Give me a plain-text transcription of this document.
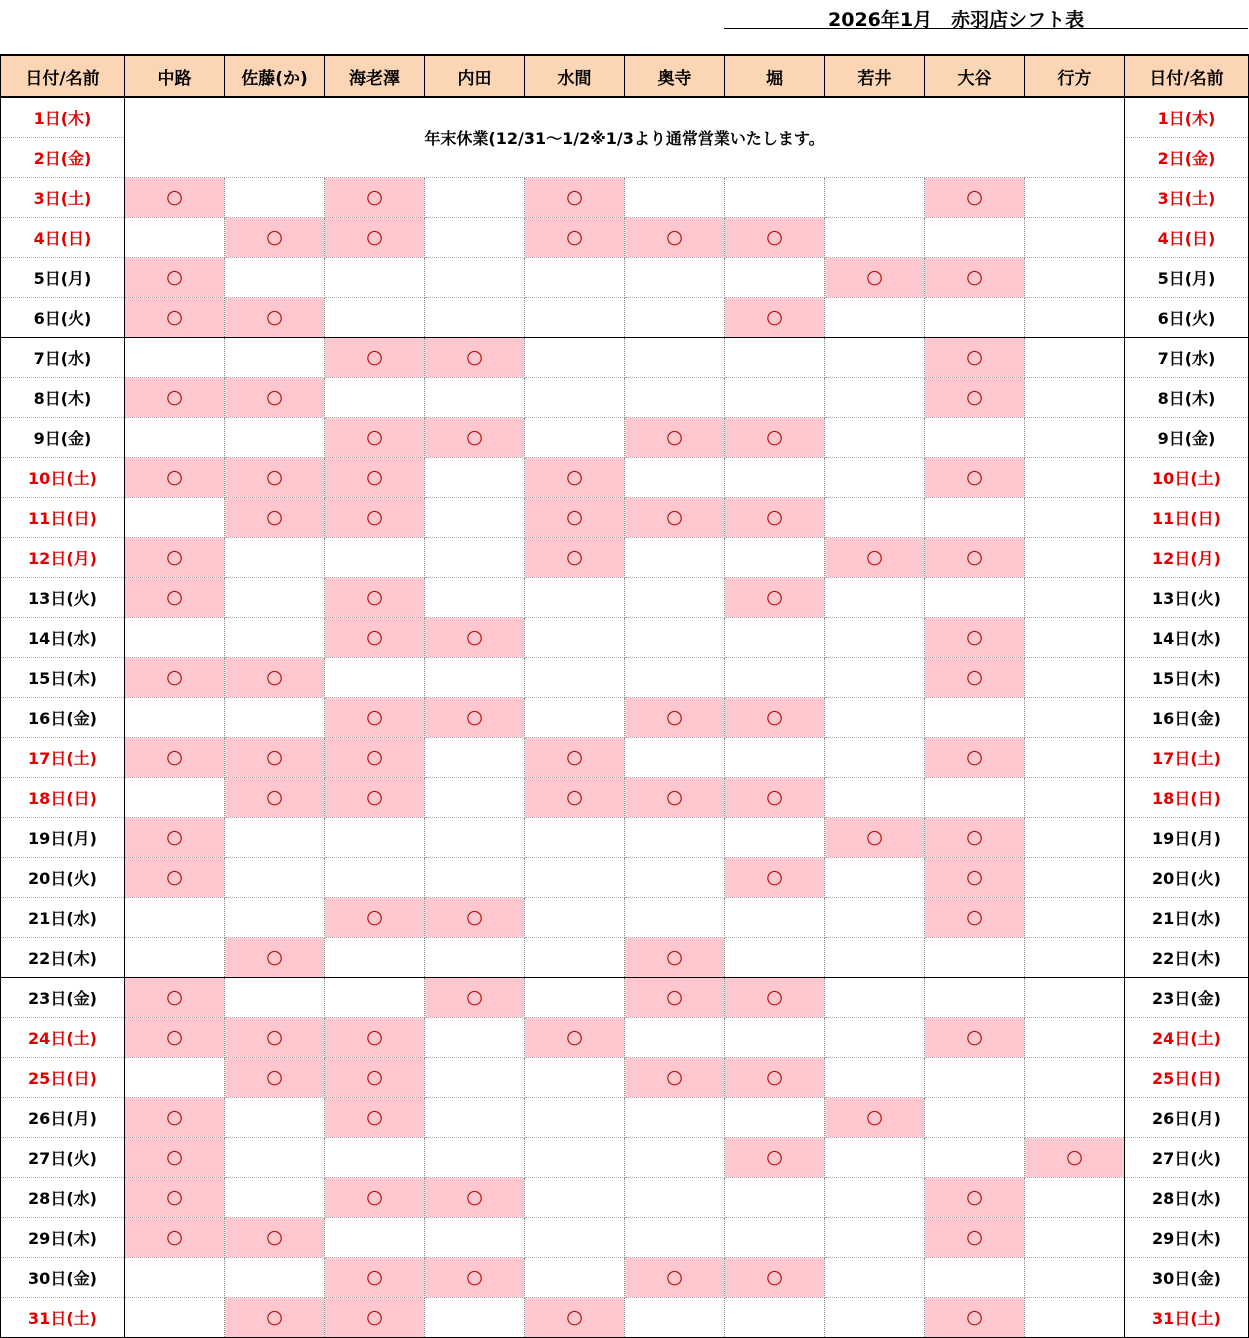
2026年1月　赤羽店シフト表
日付/名前	中路	佐藤(か)	海老澤	内田	水間	奥寺	堀	若井	大谷	行方	日付/名前
1日(木)	年末休業(12/31～1/2※1/3より通常営業いたします。										1日(木)
2日(金)											2日(金)
3日(土)	○		○		○				○		3日(土)
4日(日)		○	○		○	○	○				4日(日)
5日(月)	○							○	○		5日(月)
6日(火)	○	○					○				6日(火)
7日(水)			○	○					○		7日(水)
8日(木)	○	○							○		8日(木)
9日(金)			○	○		○	○				9日(金)
10日(土)	○	○	○		○				○		10日(土)
11日(日)		○	○		○	○	○				11日(日)
12日(月)	○				○			○	○		12日(月)
13日(火)	○		○				○				13日(火)
14日(水)			○	○					○		14日(水)
15日(木)	○	○							○		15日(木)
16日(金)			○	○		○	○				16日(金)
17日(土)	○	○	○		○				○		17日(土)
18日(日)		○	○		○	○	○				18日(日)
19日(月)	○							○	○		19日(月)
20日(火)	○						○		○		20日(火)
21日(水)			○	○					○		21日(水)
22日(木)		○				○					22日(木)
23日(金)	○			○		○	○				23日(金)
24日(土)	○	○	○		○				○		24日(土)
25日(日)		○	○			○	○				25日(日)
26日(月)	○		○					○			26日(月)
27日(火)	○						○			○	27日(火)
28日(水)	○		○	○					○		28日(水)
29日(木)	○	○							○		29日(木)
30日(金)			○	○		○	○				30日(金)
31日(土)		○	○		○				○		31日(土)
